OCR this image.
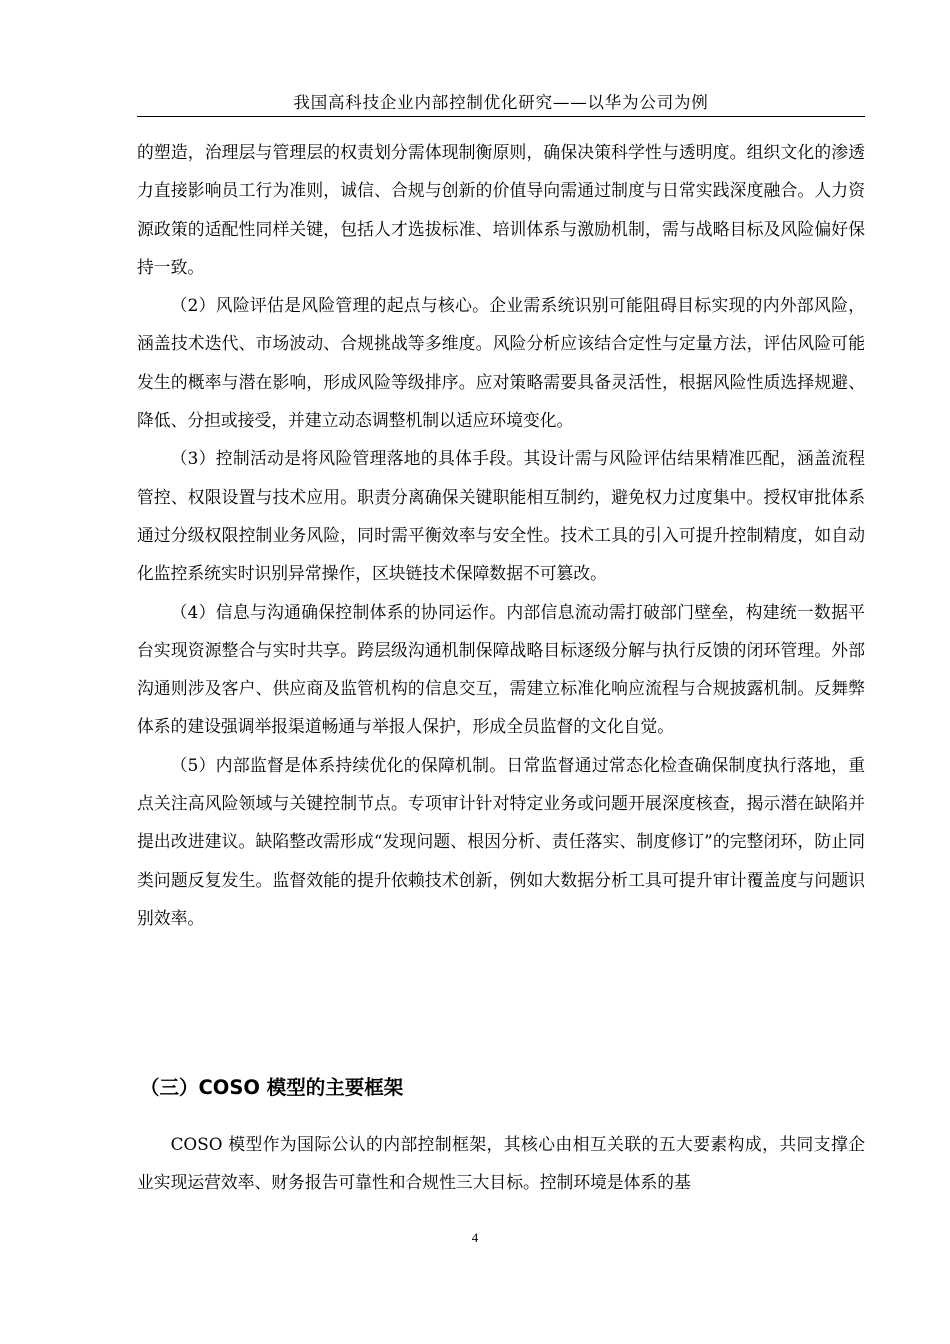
我国高科技企业内部控制优化研究——以华为公司为例

的塑造，治理层与管理层的权责划分需体现制衡原则，确保决策科学性与透明度。组织文化的渗透力直接影响员工行为准则，诚信、合规与创新的价值导向需通过制度与日常实践深度融合。人力资源政策的适配性同样关键，包括人才选拔标准、培训体系与激励机制，需与战略目标及风险偏好保持一致。

（2）风险评估是风险管理的起点与核心。企业需系统识别可能阻碍目标实现的内外部风险，涵盖技术迭代、市场波动、合规挑战等多维度。风险分析应该结合定性与定量方法，评估风险可能发生的概率与潜在影响，形成风险等级排序。应对策略需要具备灵活性，根据风险性质选择规避、降低、分担或接受，并建立动态调整机制以适应环境变化。

（3）控制活动是将风险管理落地的具体手段。其设计需与风险评估结果精准匹配，涵盖流程管控、权限设置与技术应用。职责分离确保关键职能相互制约，避免权力过度集中。授权审批体系通过分级权限控制业务风险，同时需平衡效率与安全性。技术工具的引入可提升控制精度，如自动化监控系统实时识别异常操作，区块链技术保障数据不可篡改。

（4）信息与沟通确保控制体系的协同运作。内部信息流动需打破部门壁垒，构建统一数据平台实现资源整合与实时共享。跨层级沟通机制保障战略目标逐级分解与执行反馈的闭环管理。外部沟通则涉及客户、供应商及监管机构的信息交互，需建立标准化响应流程与合规披露机制。反舞弊体系的建设强调举报渠道畅通与举报人保护，形成全员监督的文化自觉。

（5）内部监督是体系持续优化的保障机制。日常监督通过常态化检查确保制度执行落地，重点关注高风险领域与关键控制节点。专项审计针对特定业务或问题开展深度核查，揭示潜在缺陷并提出改进建议。缺陷整改需形成“发现问题、根因分析、责任落实、制度修订”的完整闭环，防止同类问题反复发生。监督效能的提升依赖技术创新，例如大数据分析工具可提升审计覆盖度与问题识别效率。

（三）COSO 模型的主要框架

COSO 模型作为国际公认的内部控制框架，其核心由相互关联的五大要素构成，共同支撑企业实现运营效率、财务报告可靠性和合规性三大目标。控制环境是体系的基

4
